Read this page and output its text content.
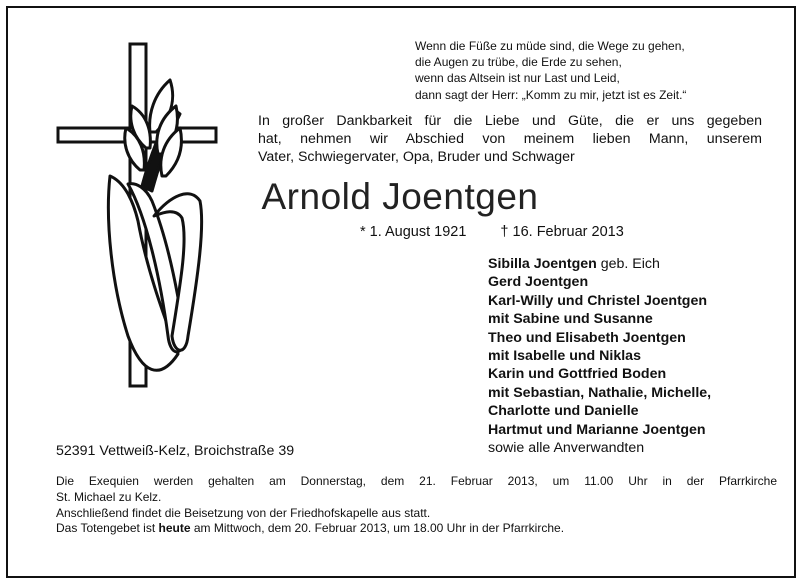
Wenn die Füße zu müde sind, die Wege zu gehen,
die Augen zu trübe, die Erde zu sehen,
wenn das Altsein ist nur Last und Leid,
dann sagt der Herr: „Komm zu mir, jetzt ist es Zeit.“
In großer Dankbarkeit für die Liebe und Güte, die er uns gegeben
hat, nehmen wir Abschied von meinem lieben Mann, unserem
Vater, Schwiegervater, Opa, Bruder und Schwager
Arnold Joentgen
* 1. August 1921 † 16. Februar 2013
Sibilla Joentgen geb. Eich
Gerd Joentgen
Karl-Willy und Christel Joentgen
mit Sabine und Susanne
Theo und Elisabeth Joentgen
mit Isabelle und Niklas
Karin und Gottfried Boden
mit Sebastian, Nathalie, Michelle,
Charlotte und Danielle
Hartmut und Marianne Joentgen
sowie alle Anverwandten
52391 Vettweiß-Kelz, Broichstraße 39
Die Exequien werden gehalten am Donnerstag, dem 21. Februar 2013, um 11.00 Uhr in der Pfarrkirche
St. Michael zu Kelz.
Anschließend findet die Beisetzung von der Friedhofskapelle aus statt.
Das Totengebet ist heute am Mittwoch, dem 20. Februar 2013, um 18.00 Uhr in der Pfarrkirche.
